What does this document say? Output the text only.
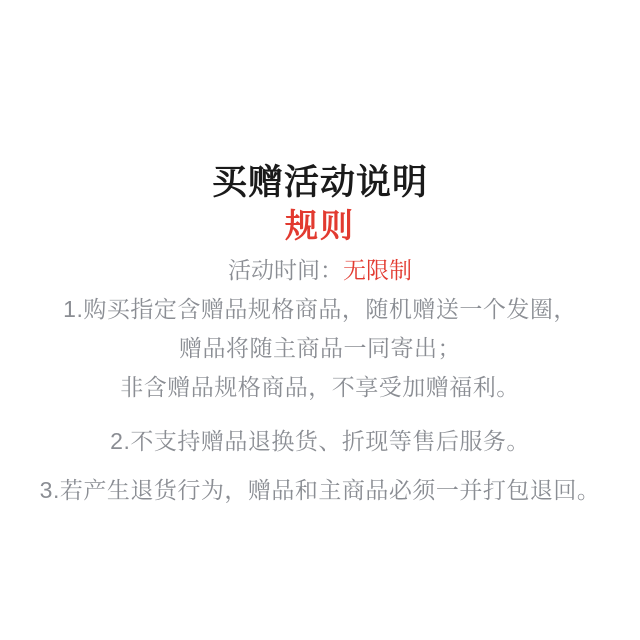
买赠活动说明
规则

活动时间：无限制

1.购买指定含赠品规格商品，随机赠送一个发圈，

赠品将随主商品一同寄出；

非含赠品规格商品，不享受加赠福利。

2.不支持赠品退换货、折现等售后服务。

3.若产生退货行为，赠品和主商品必须一并打包退回。
